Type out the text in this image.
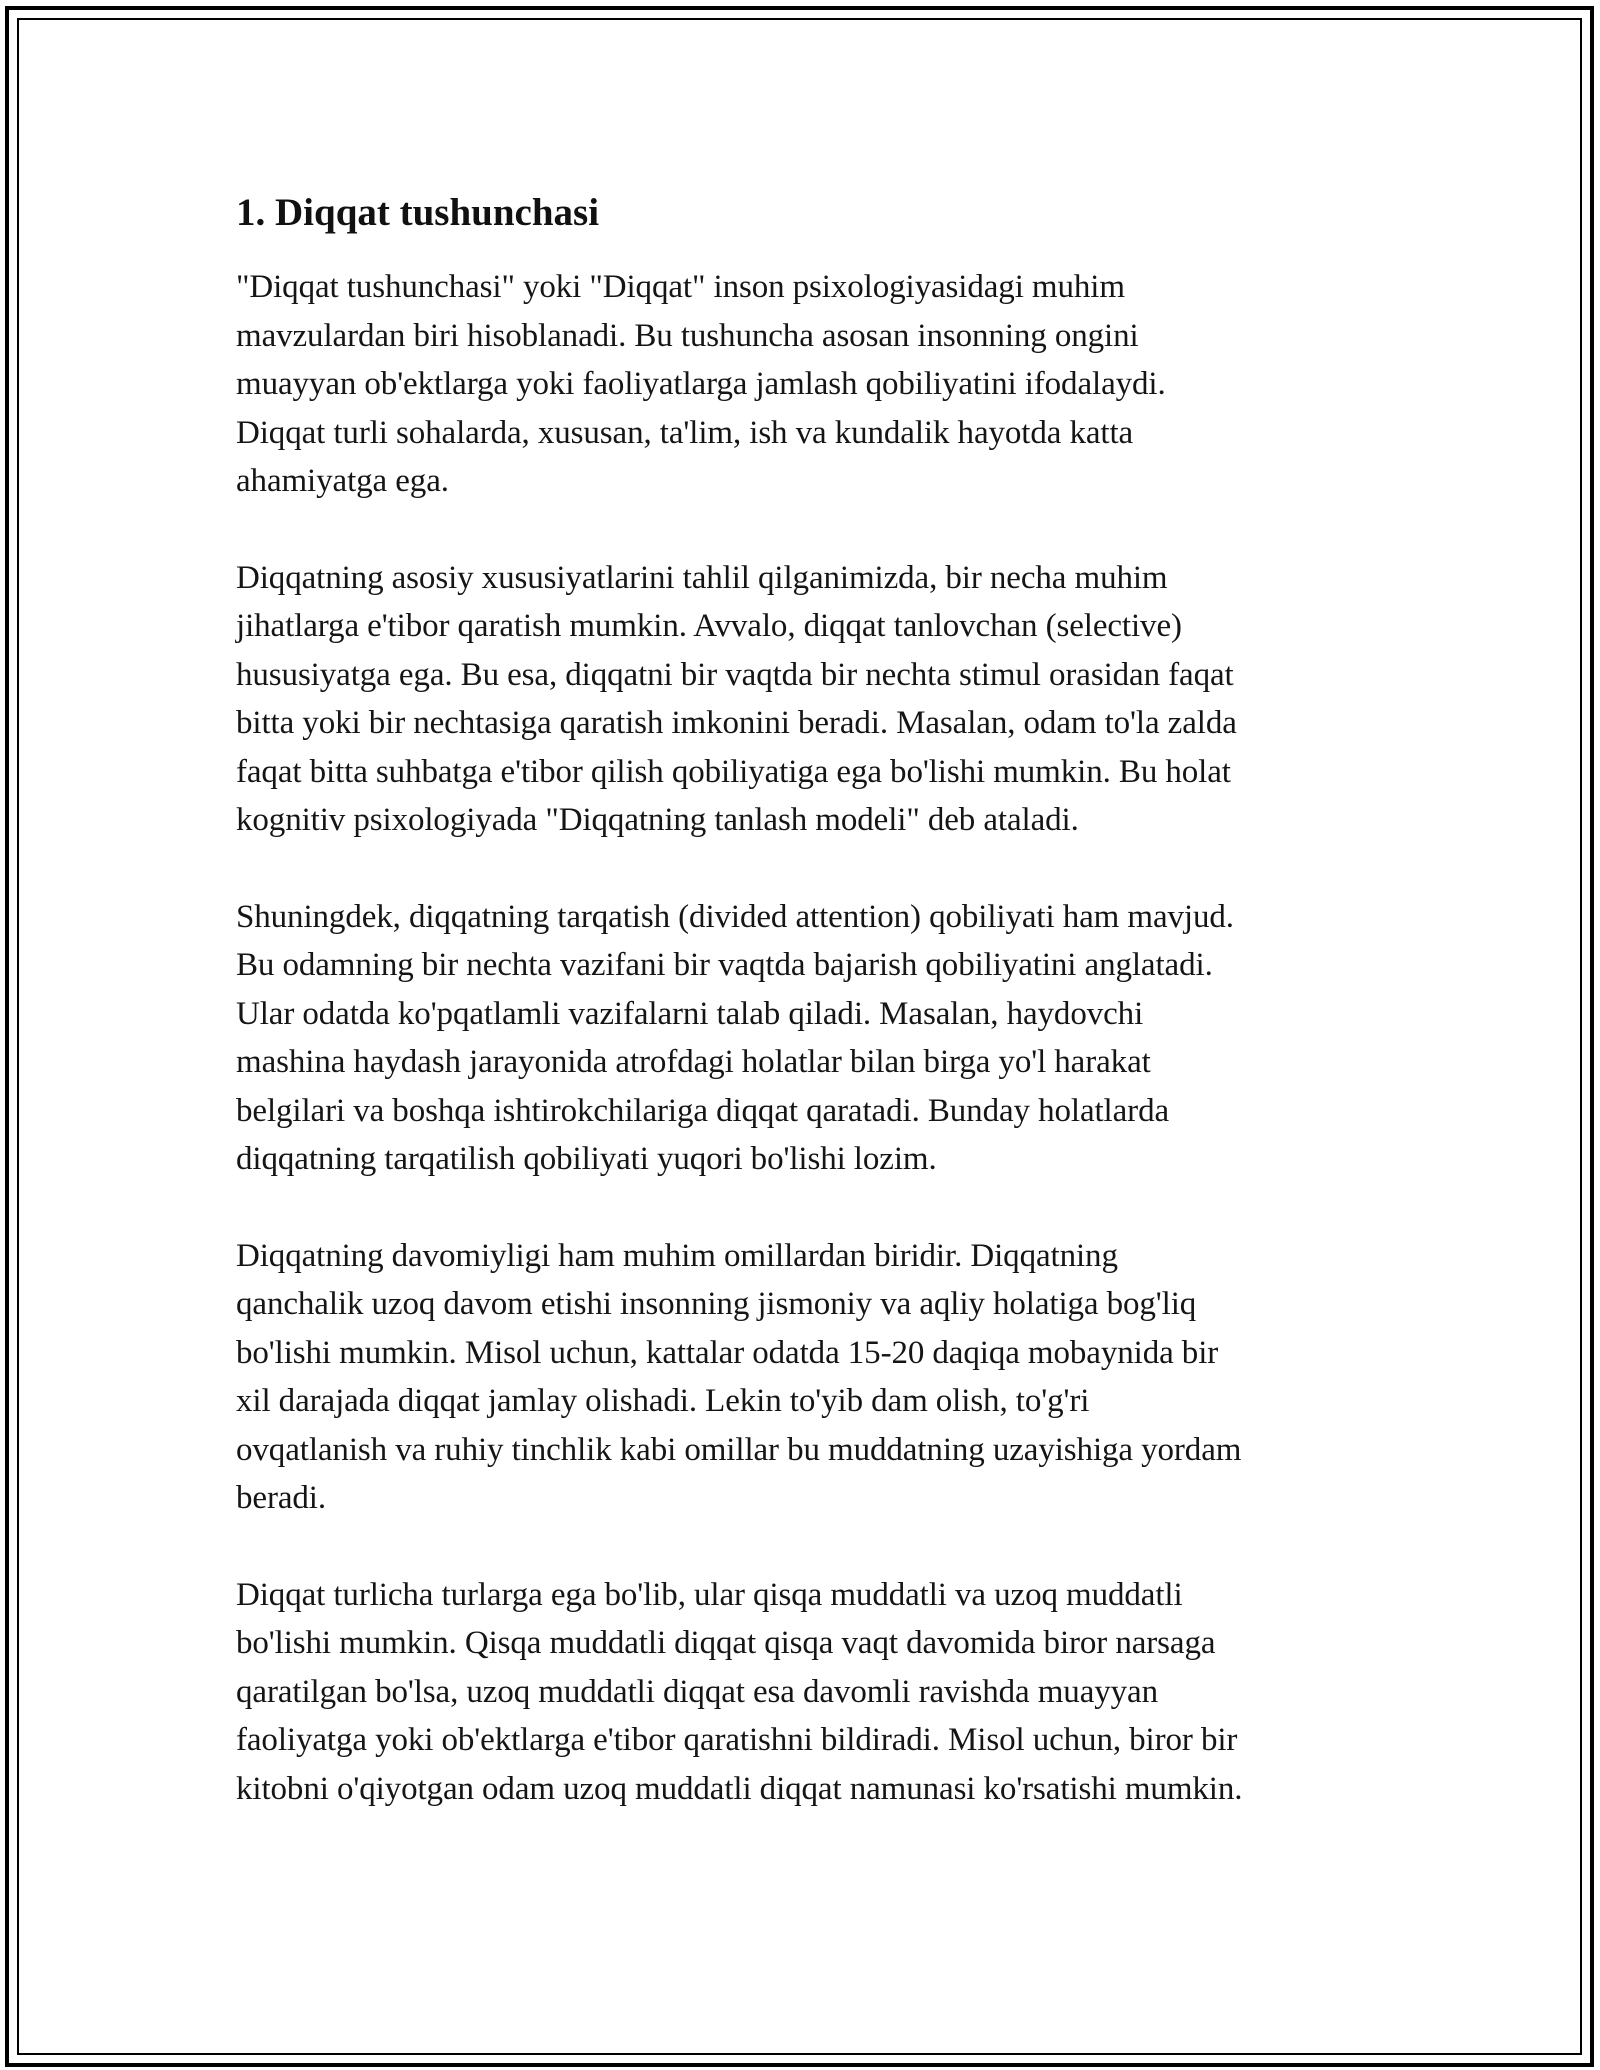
1. Diqqat tushunchasi

"Diqqat tushunchasi" yoki "Diqqat" inson psixologiyasidagi muhim
mavzulardan biri hisoblanadi. Bu tushuncha asosan insonning ongini
muayyan ob'ektlarga yoki faoliyatlarga jamlash qobiliyatini ifodalaydi.
Diqqat turli sohalarda, xususan, ta'lim, ish va kundalik hayotda katta
ahamiyatga ega.

Diqqatning asosiy xususiyatlarini tahlil qilganimizda, bir necha muhim
jihatlarga e'tibor qaratish mumkin. Avvalo, diqqat tanlovchan (selective)
hususiyatga ega. Bu esa, diqqatni bir vaqtda bir nechta stimul orasidan faqat
bitta yoki bir nechtasiga qaratish imkonini beradi. Masalan, odam to'la zalda
faqat bitta suhbatga e'tibor qilish qobiliyatiga ega bo'lishi mumkin. Bu holat
kognitiv psixologiyada "Diqqatning tanlash modeli" deb ataladi.

Shuningdek, diqqatning tarqatish (divided attention) qobiliyati ham mavjud.
Bu odamning bir nechta vazifani bir vaqtda bajarish qobiliyatini anglatadi.
Ular odatda ko'pqatlamli vazifalarni talab qiladi. Masalan, haydovchi
mashina haydash jarayonida atrofdagi holatlar bilan birga yo'l harakat
belgilari va boshqa ishtirokchilariga diqqat qaratadi. Bunday holatlarda
diqqatning tarqatilish qobiliyati yuqori bo'lishi lozim.

Diqqatning davomiyligi ham muhim omillardan biridir. Diqqatning
qanchalik uzoq davom etishi insonning jismoniy va aqliy holatiga bog'liq
bo'lishi mumkin. Misol uchun, kattalar odatda 15-20 daqiqa mobaynida bir
xil darajada diqqat jamlay olishadi. Lekin to'yib dam olish, to'g'ri
ovqatlanish va ruhiy tinchlik kabi omillar bu muddatning uzayishiga yordam
beradi.

Diqqat turlicha turlarga ega bo'lib, ular qisqa muddatli va uzoq muddatli
bo'lishi mumkin. Qisqa muddatli diqqat qisqa vaqt davomida biror narsaga
qaratilgan bo'lsa, uzoq muddatli diqqat esa davomli ravishda muayyan
faoliyatga yoki ob'ektlarga e'tibor qaratishni bildiradi. Misol uchun, biror bir
kitobni o'qiyotgan odam uzoq muddatli diqqat namunasi ko'rsatishi mumkin.
